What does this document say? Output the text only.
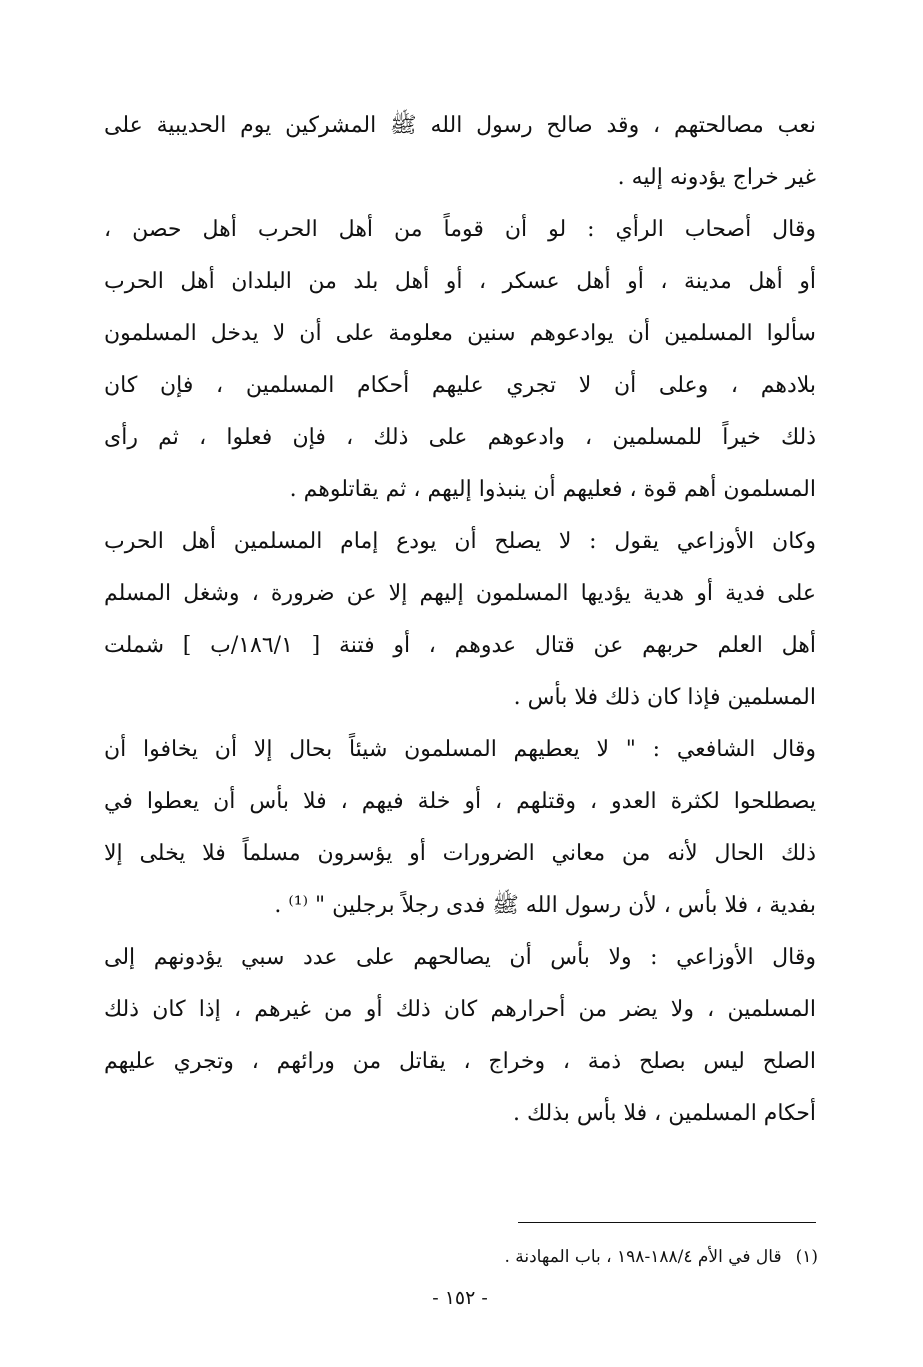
نعب مصالحتهم ، وقد صالح رسول الله ﷺ المشركين يوم الحديبية على
غير خراج يؤدونه إليه .
وقال أصحاب الرأي : لو أن قوماً من أهل الحرب أهل حصن ،
أو أهل مدينة ، أو أهل عسكر ، أو أهل بلد من البلدان أهل الحرب
سألوا المسلمين أن يوادعوهم سنين معلومة على أن لا يدخل المسلمون
بلادهم ، وعلى أن لا تجري عليهم أحكام المسلمين ، فإن كان
ذلك خيراً للمسلمين ، وادعوهم على ذلك ، فإن فعلوا ، ثم رأى
المسلمون أهم قوة ، فعليهم أن ينبذوا إليهم ، ثم يقاتلوهم .
وكان الأوزاعي يقول : لا يصلح أن يودع إمام المسلمين أهل الحرب
على فدية أو هدية يؤديها المسلمون إليهم إلا عن ضرورة ، وشغل المسلم
أهل العلم حربهم عن قتال عدوهم ، أو فتنة [ ١٨٦/١/ب ] شملت
المسلمين فإذا كان ذلك فلا بأس .
وقال الشافعي : " لا يعطيهم المسلمون شيئاً بحال إلا أن يخافوا أن
يصطلحوا لكثرة العدو ، وقتلهم ، أو خلة فيهم ، فلا بأس أن يعطوا في
ذلك الحال لأنه من معاني الضرورات أو يؤسرون مسلماً فلا يخلى إلا
بفدية ، فلا بأس ، لأن رسول الله ﷺ فدى رجلاً برجلين " ⁽¹⁾ .
وقال الأوزاعي : ولا بأس أن يصالحهم على عدد سبي يؤدونهم إلى
المسلمين ، ولا يضر من أحرارهم كان ذلك أو من غيرهم ، إذا كان ذلك
الصلح ليس بصلح ذمة ، وخراج ، يقاتل من ورائهم ، وتجري عليهم
أحكام المسلمين ، فلا بأس بذلك .
(١)قال في الأم ١٨٨/٤-١٩٨ ، باب المهادنة .
- ١٥٢ -
